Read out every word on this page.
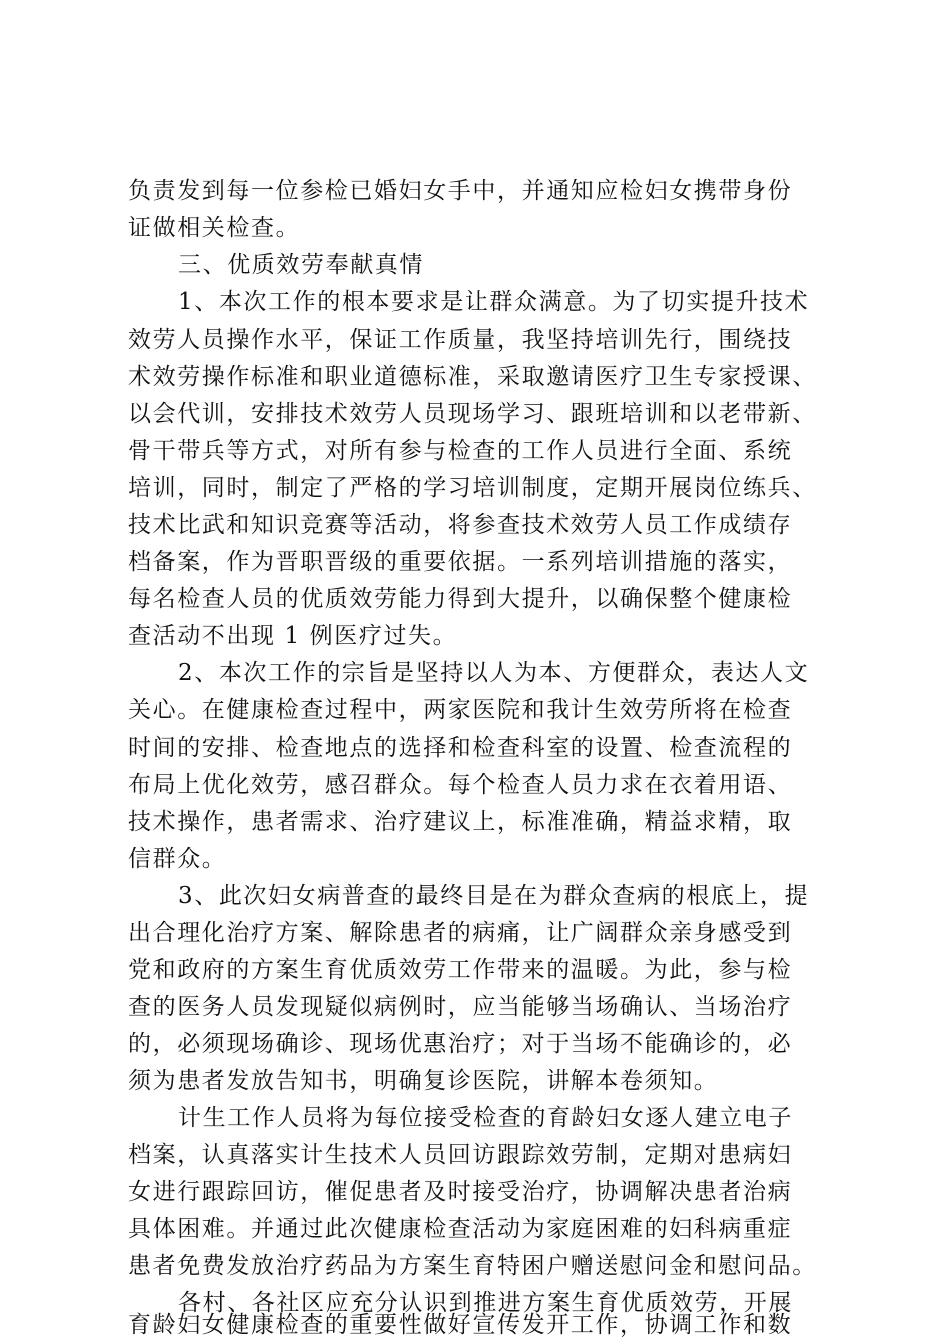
负责发到每一位参检已婚妇女手中，并通知应检妇女携带身份
证做相关检查。
三、优质效劳奉献真情
1、本次工作的根本要求是让群众满意。为了切实提升技术
效劳人员操作水平，保证工作质量，我坚持培训先行，围绕技
术效劳操作标准和职业道德标准，采取邀请医疗卫生专家授课、
以会代训，安排技术效劳人员现场学习、跟班培训和以老带新、
骨干带兵等方式，对所有参与检查的工作人员进行全面、系统
培训，同时，制定了严格的学习培训制度，定期开展岗位练兵、
技术比武和知识竞赛等活动，将参查技术效劳人员工作成绩存
档备案，作为晋职晋级的重要依据。一系列培训措施的落实，
每名检查人员的优质效劳能力得到大提升，以确保整个健康检
查活动不出现 1 例医疗过失。
2、本次工作的宗旨是坚持以人为本、方便群众，表达人文
关心。在健康检查过程中，两家医院和我计生效劳所将在检查
时间的安排、检查地点的选择和检查科室的设置、检查流程的
布局上优化效劳，感召群众。每个检查人员力求在衣着用语、
技术操作，患者需求、治疗建议上，标准准确，精益求精，取
信群众。
3、此次妇女病普查的最终目是在为群众查病的根底上，提
出合理化治疗方案、解除患者的病痛，让广阔群众亲身感受到
党和政府的方案生育优质效劳工作带来的温暖。为此，参与检
查的医务人员发现疑似病例时，应当能够当场确认、当场治疗
的，必须现场确诊、现场优惠治疗；对于当场不能确诊的，必
须为患者发放告知书，明确复诊医院，讲解本卷须知。
计生工作人员将为每位接受检查的育龄妇女逐人建立电子
档案，认真落实计生技术人员回访跟踪效劳制，定期对患病妇
女进行跟踪回访，催促患者及时接受治疗，协调解决患者治病
具体困难。并通过此次健康检查活动为家庭困难的妇科病重症
患者免费发放治疗药品为方案生育特困户赠送慰问金和慰问品。
各村、各社区应充分认识到推进方案生育优质效劳，开展
育龄妇女健康检查的重要性做好宣传发开工作，协调工作和数
